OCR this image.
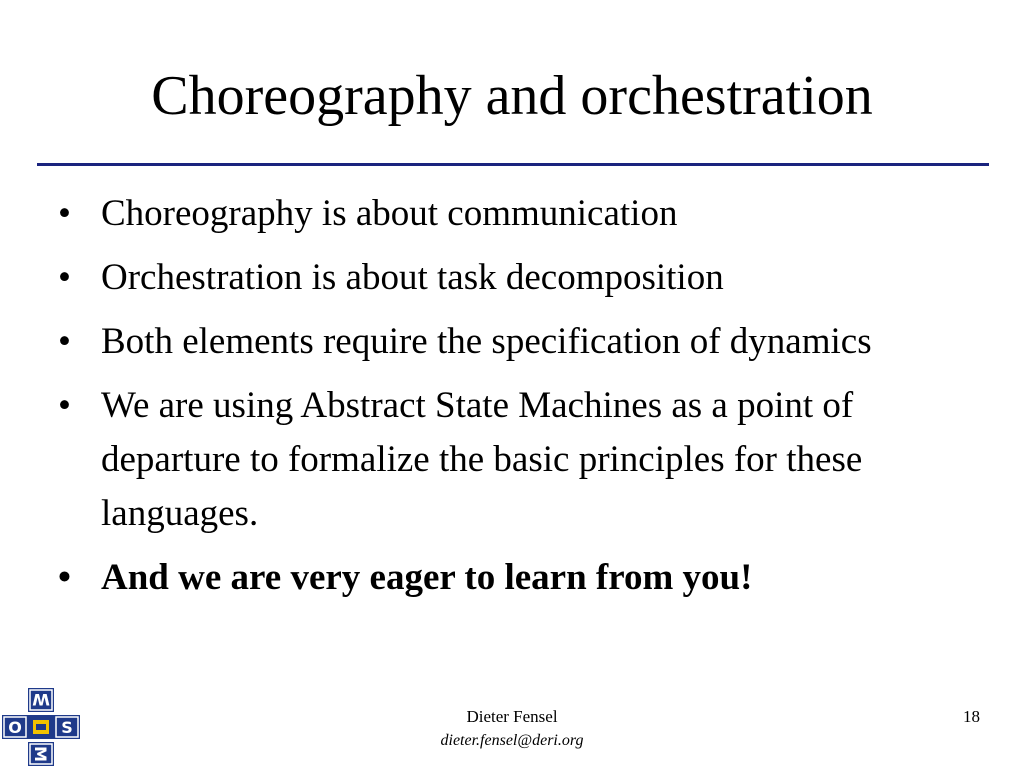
Choreography and orchestration
• Choreography is about communication
• Orchestration is about task decomposition
• Both elements require the specification of dynamics
• We are using Abstract State Machines as a point of departure to formalize the basic principles for these languages.
• And we are very eager to learn from you!
W
O S
M
Dieter Fensel
dieter.fensel@deri.org
18
